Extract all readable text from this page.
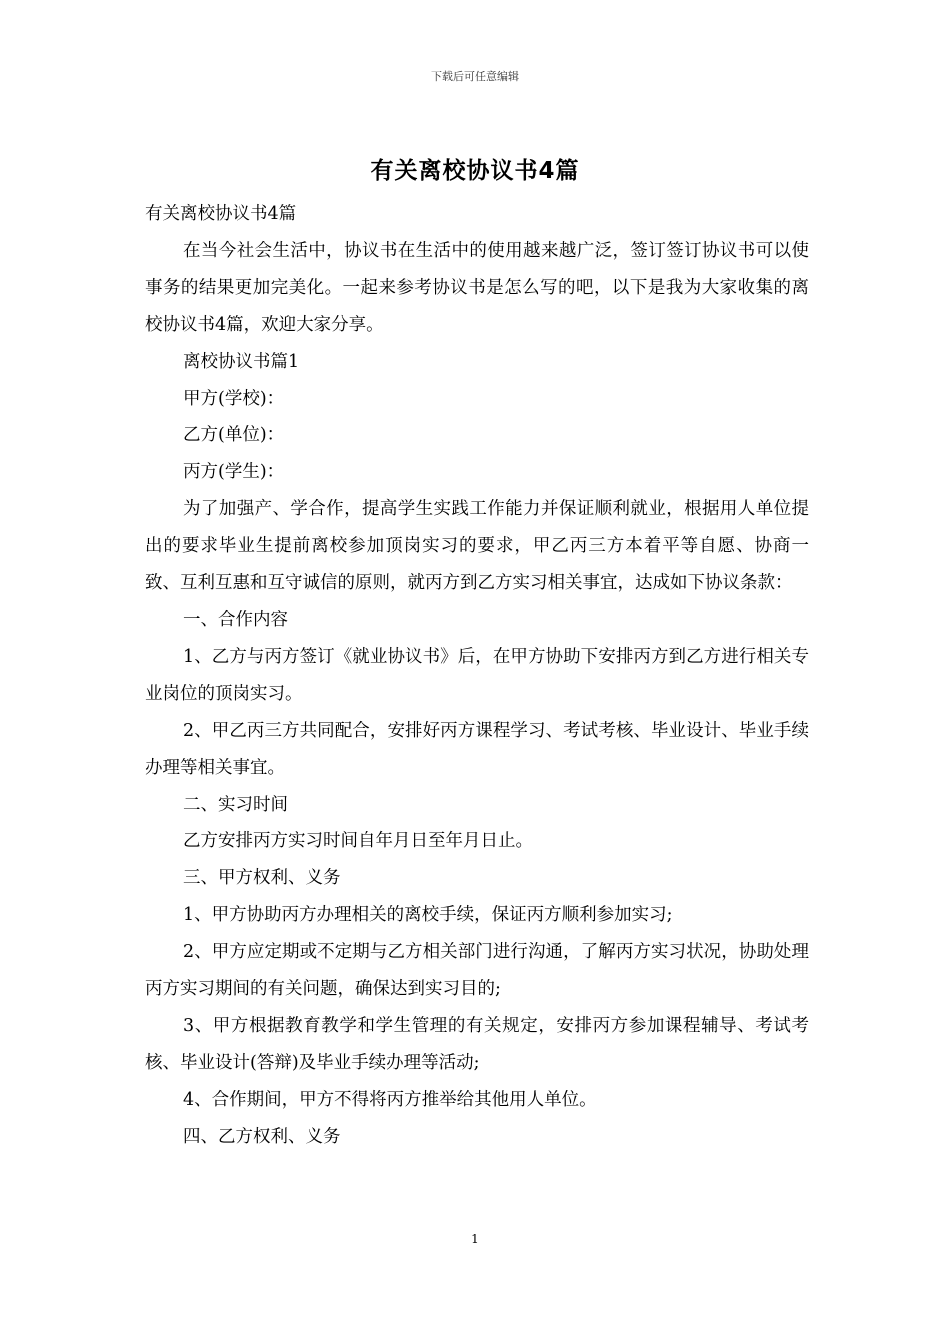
下载后可任意编辑
有关离校协议书4篇

有关离校协议书4篇

在当今社会生活中，协议书在生活中的使用越来越广泛，签订签订协议书可以使事务的结果更加完美化。一起来参考协议书是怎么写的吧，以下是我为大家收集的离校协议书4篇，欢迎大家分享。

离校协议书篇1

甲方(学校)：

乙方(单位)：

丙方(学生)：

为了加强产、学合作，提高学生实践工作能力并保证顺利就业，根据用人单位提出的要求毕业生提前离校参加顶岗实习的要求，甲乙丙三方本着平等自愿、协商一致、互利互惠和互守诚信的原则，就丙方到乙方实习相关事宜，达成如下协议条款：

一、合作内容

1、乙方与丙方签订《就业协议书》后，在甲方协助下安排丙方到乙方进行相关专业岗位的顶岗实习。

2、甲乙丙三方共同配合，安排好丙方课程学习、考试考核、毕业设计、毕业手续办理等相关事宜。

二、实习时间

乙方安排丙方实习时间自年月日至年月日止。

三、甲方权利、义务

1、甲方协助丙方办理相关的离校手续，保证丙方顺利参加实习;

2、甲方应定期或不定期与乙方相关部门进行沟通，了解丙方实习状况，协助处理丙方实习期间的有关问题，确保达到实习目的;

3、甲方根据教育教学和学生管理的有关规定，安排丙方参加课程辅导、考试考核、毕业设计(答辩)及毕业手续办理等活动;

4、合作期间，甲方不得将丙方推举给其他用人单位。

四、乙方权利、义务

1
